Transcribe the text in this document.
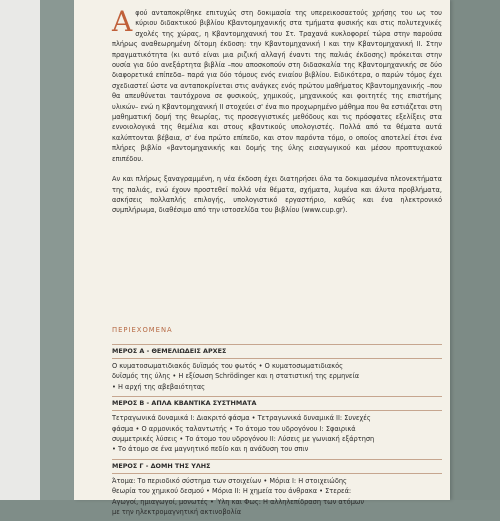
Αφού ανταποκρίθηκε επιτυχώς στη δοκιμασία της υπερεικοσαετούς χρήσης του ως του κύριου διδακτικού βιβλίου Κβαντομηχανικής στα τμήματα φυσικής και στις πολυτεχνικές σχολές της χώρας, η Κβαντομηχανική του Στ. Τραχανά κυκλοφορεί τώρα στην παρούσα πλήρως αναθεωρημένη δίτομη έκδοση: την Κβαντομηχανική Ι και την Κβαντομηχανική ΙΙ. Στην πραγματικότητα (κι αυτό είναι μια ριζική αλλαγή έναντι της παλιάς έκδοσης) πρόκειται στην ουσία για δύο ανεξάρτητα βιβλία –που αποσκοπούν στη διδασκαλία της Κβαντομηχανικής σε δύο διαφορετικά επίπεδα– παρά για δύο τόμους ενός ενιαίου βιβλίου. Ειδικότερα, ο παρών τόμος έχει σχεδιαστεί ώστε να ανταποκρίνεται στις ανάγκες ενός πρώτου μαθήματος Κβαντομηχανικής –που θα απευθύνεται ταυτόχρονα σε φυσικούς, χημικούς, μηχανικούς και φοιτητές της επιστήμης υλικών– ενώ η Κβαντομηχανική ΙΙ στοχεύει σ' ένα πιο προχωρημένο μάθημα που θα εστιάζεται στη μαθηματική δομή της θεωρίας, τις προσεγγιστικές μεθόδους και τις πρόσφατες εξελίξεις στα εννοιολογικά της θεμέλια και στους κβαντικούς υπολογιστές. Πολλά από τα θέματα αυτά καλύπτονται βέβαια, σ' ένα πρώτο επίπεδο, και στον παρόντα τόμο, ο οποίος αποτελεί έτσι ένα πλήρες βιβλίο «βαντομηχανικής και δομής της ύλης εισαγωγικού και μέσου προπτυχιακού επιπέδου.

Αν και πλήρως ξαναγραμμένη, η νέα έκδοση έχει διατηρήσει όλα τα δοκιμασμένα πλεονεκτήματα της παλιάς, ενώ έχουν προστεθεί πολλά νέα θέματα, σχήματα, λυμένα και άλυτα προβλήματα, ασκήσεις πολλαπλής επιλογής, υπολογιστικό εργαστήριο, καθώς και ένα ηλεκτρονικό συμπλήρωμα, διαθέσιμο από την ιστοσελίδα του βιβλίου (www.cup.gr).

ΠΕΡΙΕΧΟΜΕΝΑ
ΜΕΡΟΣ Α - ΘΕΜΕΛΙΩΔΕΙΣ ΑΡΧΕΣ
Ο κυματοσωματιδιακός δυϊσμός του φωτός • Ο κυματοσωματιδιακός
δυϊσμός της ύλης • Η εξίσωση Schrödinger και η στατιστική της ερμηνεία
• Η αρχή της αβεβαιότητας
ΜΕΡΟΣ Β - ΑΠΛΑ ΚΒΑΝΤΙΚΑ ΣΥΣΤΗΜΑΤΑ
Τετραγωνικά δυναμικά Ι: Διακριτό φάσμα • Τετραγωνικά δυναμικά ΙΙ: Συνεχές
φάσμα • Ο αρμονικός ταλαντωτής • Το άτομο του υδρογόνου Ι: Σφαιρικά
συμμετρικές λύσεις • Το άτομο του υδρογόνου ΙΙ: Λύσεις με γωνιακή εξάρτηση
• Το άτομο σε ένα μαγνητικό πεδίο και η ανάδυση του σπιν
ΜΕΡΟΣ Γ - ΔΟΜΗ ΤΗΣ ΥΛΗΣ
Άτομα: Το περιοδικό σύστημα των στοιχείων • Μόρια Ι: Η στοιχειώδης
θεωρία του χημικού δεσμού • Μόρια ΙΙ: Η χημεία του άνθρακα • Στερεά:
Αγωγοί, ημιαγωγοί, μονωτές • Ύλη και Φως: Η αλληλεπίδραση των ατόμων
με την ηλεκτρομαγνητική ακτινοβολία
